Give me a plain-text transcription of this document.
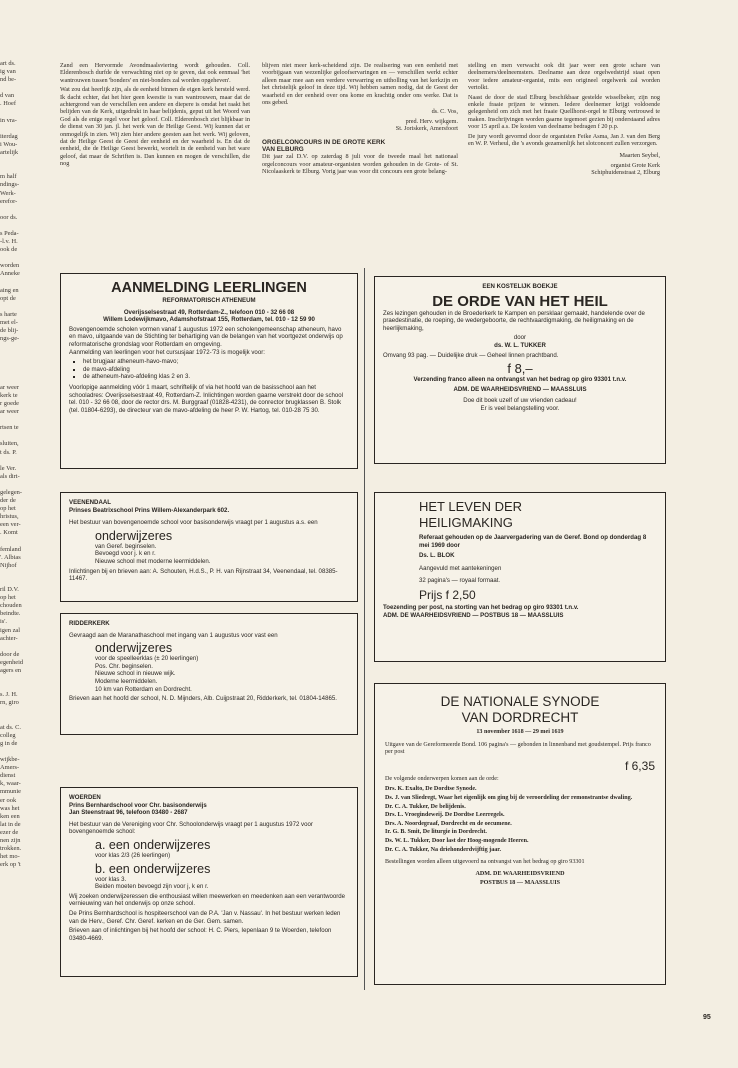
art ds.
ig van
nd be-

d van
. Hoef

in vra-

iterdag
i Wou-
artelijk

m half
ndings-
Werk-
erefor-

oor ds.

s Peda-
-l.v. H.
ook de

worden
Anneke

aing en
opt de

s harte
met el-
de blij-
ngs-ge-

ar weer
kerk te
r goede
ar weer

rtsen te

sluiten,
t ds. P.

le Ver.
als dirt-

gelegen-
der de
op het
hristus,
een ver-
. Komt

femland
'. Albias
Nijhof

ril D.V.
op het
chouden
beindte.
is'.
igen zal
achter-

door de
egenheid
agers en

s. J. H.
rn, giro

at ds. C.
colleg
g in de

wijkbe-
Amers-
dienst
k, waar-
mmunie
er ook
was het
ken een
lat in de
ezer de
nen zijn
trokken.
het mo-
erk op 't

Zand een Hervormde Avondmaalsviering wordt gehouden. Coll. Elderenbosch durfde de verwachting niet op te geven, dat ook eenmaal 'het wantrouwen tussen 'bonders' en niet-bonders zal worden opgeheven'.

Wat zou dat heerlijk zijn, als de eenheid binnen de eigen kerk hersteld werd. Ik dacht echter, dat het hier geen kwestie is van wantrouwen, maar dat de achtergrond van de verschillen een andere en diepere is omdat het raakt het belijden van de Kerk, uitgedrukt in haar belijdenis, geput uit het Woord van God als de enige regel voor het geloof. Coll. Elderenbosch ziet blijkbaar in de dienst van 30 jan. jl. het werk van de Heilige Geest. Wij kunnen dat er onmogelijk in zien. Wij zien hier andere geesten aan het werk. Wij geloven, dat de Heilige Geest de Geest der eenheid en der waarheid is. En dat de eenheid, die de Heilige Geest bewerkt, wortelt in de eenheid van het ware geloof, dat maar de Schriften is. Dan kunnen en mogen de verschillen, die nog

blijven niet meer kerk-scheidend zijn. De realisering van een eenheid met voorbijgaan van wezenlijke geloofservaringen en — verschillen werkt echter alleen maar mee aan een verdere verwarring en uitholling van het kerkzijn en het christelijk geloof in deze tijd. Wij hebben samen nodig, dat de Geest der waarheid en der eenheid over ons kome en krachtig onder ons werke. Dat is ons gebed.

ds. C. Vos,

pred. Herv. wijkgem.

St. Joriskerk, Amersfoort

ORGELCONCOURS IN DE GROTE KERK

VAN ELBURG

Dit jaar zal D.V. op zaterdag 8 juli voor de tweede maal het nationaal orgelconcours voor amateur-organisten worden gehouden in de Grote- of St. Nicolaaskerk te Elburg. Vorig jaar was voor dit concours een grote belang-

stelling en men verwacht ook dit jaar weer een grote schare van deelnemers/deelneemsters. Deelname aan deze orgelwedstrijd staat open voor iedere amateur-organist, mits een origineel orgelwerk zal worden vertolkt.

Naast de door de stad Elburg beschikbaar gestelde wisselbeker, zijn nog enkele fraaie prijzen te winnen. Iedere deelnemer krijgt voldoende gelegenheid om zich met het fraaie Quellhorst-orgel te Elburg vertrouwd te maken. Inschrijvingen worden gaarne tegemoet gezien bij onderstaand adres voor 15 april a.s. De kosten van deelname bedragen f 20 p.p.

De jury wordt gevormd door de organisten Feike Asma, Jan J. van den Berg en W. P. Verheul, die 's avonds gezamenlijk het slotconcert zullen verzorgen.

Maarten Seybel,

organist Grote Kerk

Schiphuidenstraat 2, Elburg

AANMELDING LEERLINGEN

REFORMATORISCH ATHENEUM

Overijsselsestraat 49, Rotterdam-Z., telefoon 010 - 32 66 08

Willem Lodewijkmavo, Adamshofstraat 155, Rotterdam, tel. 010 - 12 59 90

Bovengenoemde scholen vormen vanaf 1 augustus 1972 een scholengemeenschap atheneum, havo en mavo, uitgaande van de Stichting ter behartiging van de belangen van het voortgezet onderwijs op reformatorische grondslag voor Rotterdam en omgeving.

Aanmelding van leerlingen voor het cursusjaar 1972-'73 is mogelijk voor:

▪ het brugjaar atheneum-havo-mavo;
▪ de mavo-afdeling
▪ de atheneum-havo-afdeling klas 2 en 3.

Voorlopige aanmelding vóór 1 maart, schriftelijk of via het hoofd van de basisschool aan het schooladres: Overijsselsestraat 49, Rotterdam-Z. Inlichtingen worden gaarne verstrekt door de school tel. 010 - 32 66 08, door de rector drs. M. Burggraaf (01828-4231), de conrector brugklassen B. Stolk (tel. 01804-6293), de directeur van de mavo-afdeling de heer P. W. Hartog, tel. 010-28 75 30.

VEENENDAAL

Prinses Beatrixschool Prins Willem-Alexanderpark 602.

Het bestuur van bovengenoemde school voor basisonderwijs vraagt per 1 augustus a.s. een

onderwijzeres

van Geref. beginselen.

Bevoegd voor j. k en r.

Nieuwe school met moderne leermiddelen.

Inlichtingen bij en brieven aan: A. Schouten, H.d.S., P. H. van Rijnstraat 34, Veenendaal, tel. 08385-11467.

RIDDERKERK

Gevraagd aan de Maranathaschool met ingang van 1 augustus voor vast een

onderwijzeres

voor de speelleerklas (± 20 leerlingen)

Pos. Chr. beginselen.

Nieuwe school in nieuwe wijk.

Moderne leermiddelen.

10 km van Rotterdam en Dordrecht.

Brieven aan het hoofd der school, N. D. Mijnders, Alb. Cuijpstraat 20, Ridderkerk, tel. 01804-14865.

WOERDEN

Prins Bernhardschool voor Chr. basisonderwijs

Jan Steenstraat 96, telefoon 03480 - 2687

Het bestuur van de Vereniging voor Chr. Schoolonderwijs vraagt per 1 augustus 1972 voor bovengenoemde school:

a. een onderwijzeres

voor klas 2/3 (26 leerlingen)

b. een onderwijzeres

voor klas 3.

Beiden moeten bevoegd zijn voor j, k en r.

Wij zoeken onderwijzeressen die enthousiast willen meewerken en meedenken aan een verantwoorde vernieuwing van het onderwijs op onze school.

De Prins Bernhardschool is hospiteerschool van de P.A. 'Jan v. Nassau'. In het bestuur werken leden van de Herv., Geref. Chr. Geref. kerken en de Ger. Gem. samen.

Brieven aan of inlichtingen bij het hoofd der school: H. C. Piers, Iepenlaan 9 te Woerden, telefoon 03480-4669.

EEN KOSTELIJK BOEKJE

DE ORDE VAN HET HEIL

Zes lezingen gehouden in de Broederkerk te Kampen en persklaar gemaakt, handelende over de praedestinatie, de roeping, de wedergeboorte, de rechtvaardigmaking, de heiligmaking en de heerlijkmaking,

door

ds. W. L. TUKKER

Omvang 93 pag. — Duidelijke druk — Geheel linnen prachtband.

f 8,–

Verzending franco alleen na ontvangst van het bedrag op giro 93301 t.n.v.

ADM. DE WAARHEIDSVRIEND — MAASSLUIS

Doe dit boek uzelf of uw vrienden cadeau!

Er is veel belangstelling voor.

HET LEVEN DER
HEILIGMAKING

Referaat gehouden op de Jaarvergadering van de Geref. Bond op donderdag 8 mei 1969 door

Ds. L. BLOK

Aangevuld met aantekeningen

32 pagina's — royaal formaat.

Prijs f 2,50

Toezending per post, na storting van het bedrag op giro 93301 t.n.v.

ADM. DE WAARHEIDSVRIEND — POSTBUS 18 — MAASSLUIS

DE NATIONALE SYNODE
VAN DORDRECHT

13 november 1618 — 29 mei 1619

Uitgave van de Gereformeerde Bond. 106 pagina's — gebonden in linnenband met goudstempel. Prijs franco per post

f 6,35

De volgende onderwerpen komen aan de orde:

Drs. K. Exalto, De Dordtse Synode.

Ds. J. van Sliedregt, Waar het eigenlijk om ging bij de veroordeling der remonstrantse dwaling.

Dr. C. A. Tukker, De belijdenis.

Drs. L. Vroegindeweij. De Dordtse Leerregels.

Drs. A. Noordegraaf, Dordrecht en de oecumene.

Ir. G. B. Smit, De liturgie in Dordrecht.

Ds. W. L. Tukker, Door last der Hoog-mogende Heeren.

Dr. C. A. Tukker, Na driehonderdvijftig jaar.

Bestellingen worden alleen uitgevoerd na ontvangst van het bedrag op giro 93301

ADM. DE WAARHEIDSVRIEND

POSTBUS 18 — MAASSLUIS

95
